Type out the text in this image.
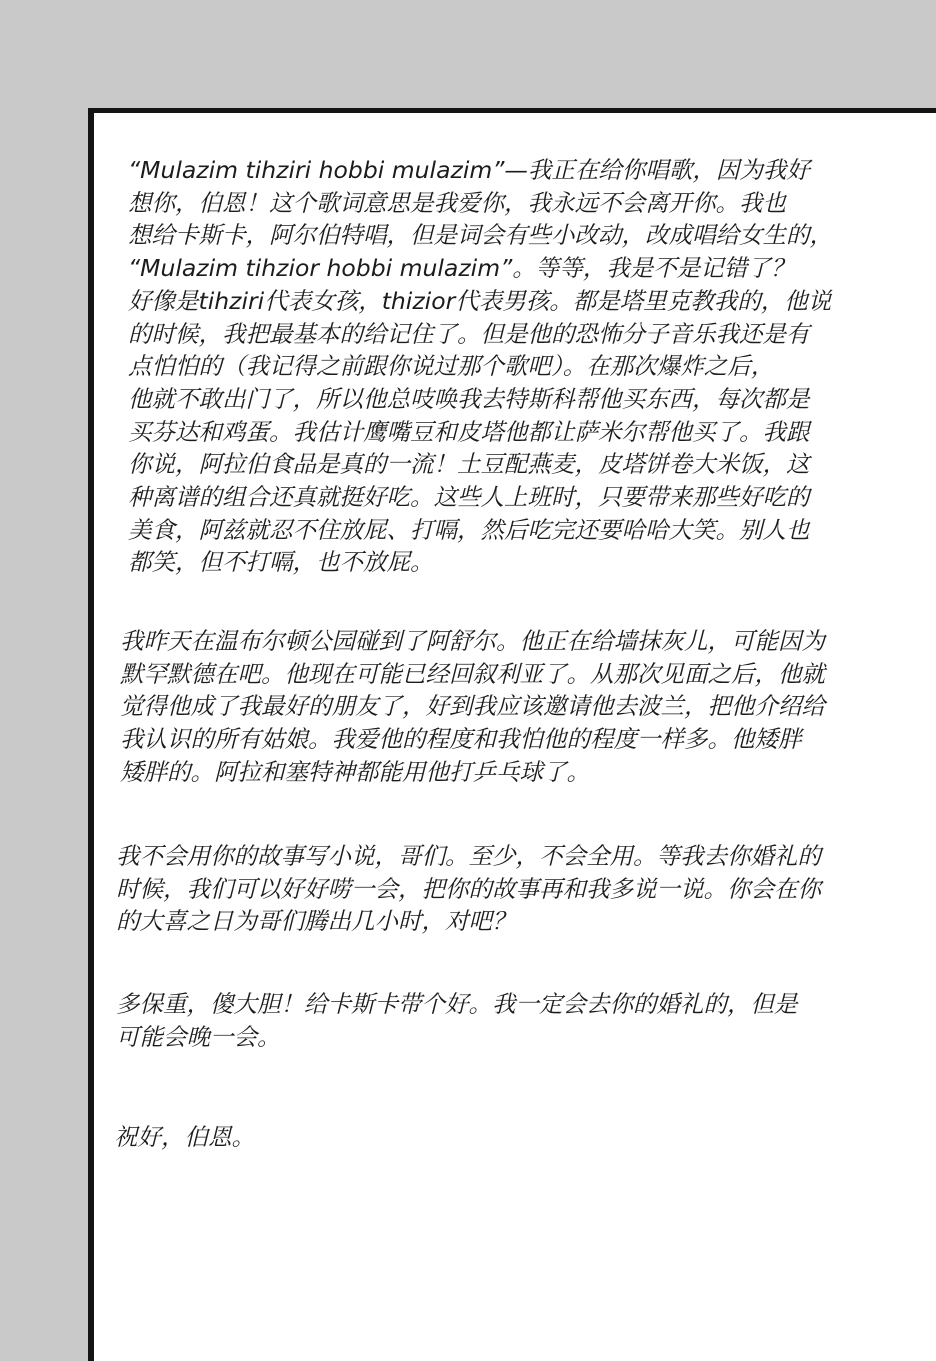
“Mulazim tihziri hobbi mulazim”—我正在给你唱歌，因为我好
想你，伯恩！这个歌词意思是我爱你，我永远不会离开你。我也
想给卡斯卡，阿尔伯特唱，但是词会有些小改动，改成唱给女生的，
“Mulazim tihzior hobbi mulazim”。等等，我是不是记错了？
好像是tihziri代表女孩，thizior代表男孩。都是塔里克教我的，他说
的时候，我把最基本的给记住了。但是他的恐怖分子音乐我还是有
点怕怕的（我记得之前跟你说过那个歌吧）。在那次爆炸之后，
他就不敢出门了，所以他总吱唤我去特斯科帮他买东西，每次都是
买芬达和鸡蛋。我估计鹰嘴豆和皮塔他都让萨米尔帮他买了。我跟
你说，阿拉伯食品是真的一流！土豆配燕麦，皮塔饼卷大米饭，这
种离谱的组合还真就挺好吃。这些人上班时，只要带来那些好吃的
美食，阿兹就忍不住放屁、打嗝，然后吃完还要哈哈大笑。别人也
都笑，但不打嗝，也不放屁。

我昨天在温布尔顿公园碰到了阿舒尔。他正在给墙抹灰儿，可能因为
默罕默德在吧。他现在可能已经回叙利亚了。从那次见面之后，他就
觉得他成了我最好的朋友了，好到我应该邀请他去波兰，把他介绍给
我认识的所有姑娘。我爱他的程度和我怕他的程度一样多。他矮胖
矮胖的。阿拉和塞特神都能用他打乒乓球了。

我不会用你的故事写小说，哥们。至少，不会全用。等我去你婚礼的
时候，我们可以好好唠一会，把你的故事再和我多说一说。你会在你
的大喜之日为哥们腾出几小时，对吧？

多保重，傻大胆！给卡斯卡带个好。我一定会去你的婚礼的，但是
可能会晚一会。

祝好，伯恩。
